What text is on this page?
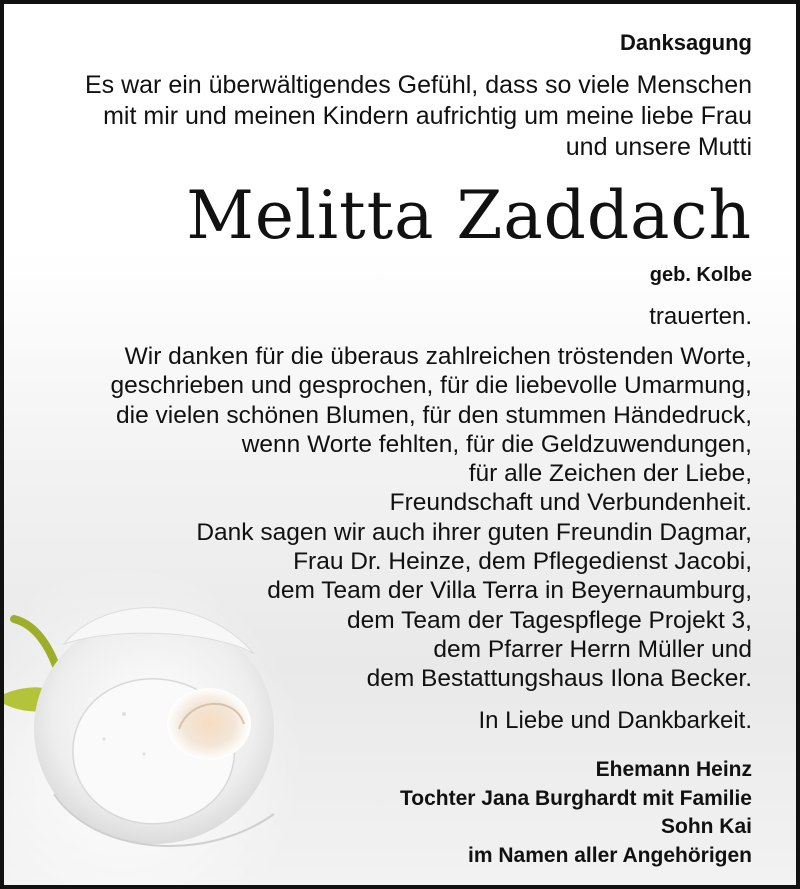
Danksagung
Es war ein überwältigendes Gefühl, dass so viele Menschen
mit mir und meinen Kindern aufrichtig um meine liebe Frau
und unsere Mutti
Melitta Zaddach
geb. Kolbe
trauerten.
Wir danken für die überaus zahlreichen tröstenden Worte,
geschrieben und gesprochen, für die liebevolle Umarmung,
die vielen schönen Blumen, für den stummen Händedruck,
wenn Worte fehlten, für die Geldzuwendungen,
für alle Zeichen der Liebe,
Freundschaft und Verbundenheit.
Dank sagen wir auch ihrer guten Freundin Dagmar,
Frau Dr. Heinze, dem Pflegedienst Jacobi,
dem Team der Villa Terra in Beyernaumburg,
dem Team der Tagespflege Projekt 3,
dem Pfarrer Herrn Müller und
dem Bestattungshaus Ilona Becker.
In Liebe und Dankbarkeit.
Ehemann Heinz
Tochter Jana Burghardt mit Familie
Sohn Kai
im Namen aller Angehörigen
